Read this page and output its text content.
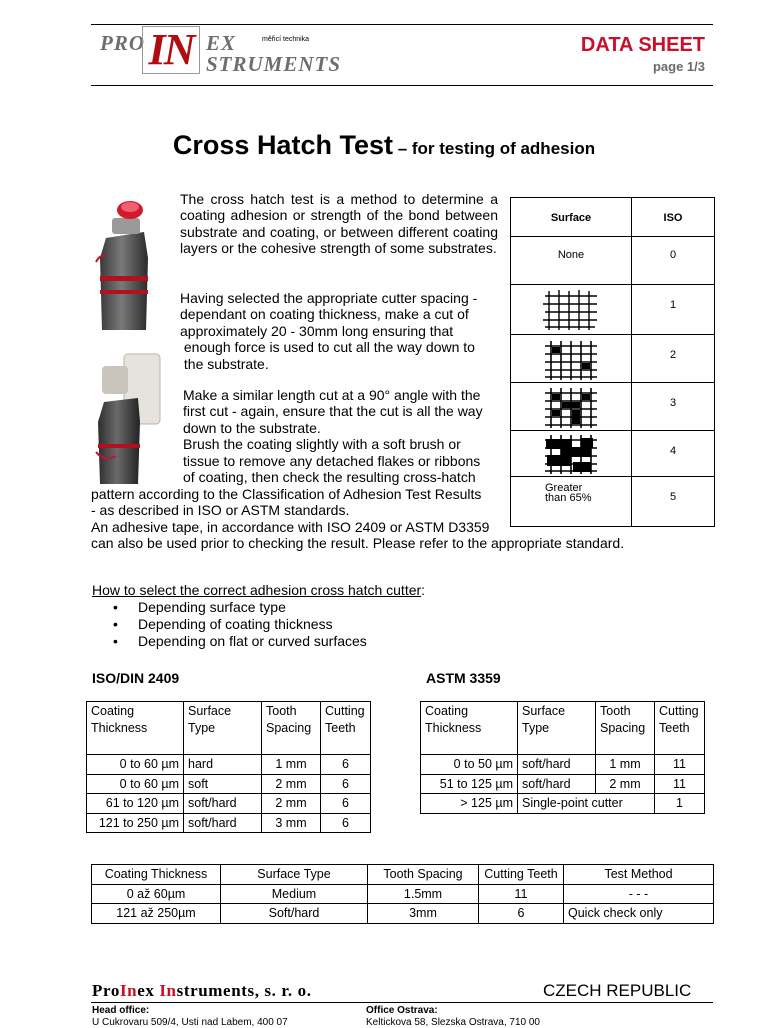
PRO IN EX	měřicí technika
STRUMENTS
DATA SHEET
page 1/3
Cross Hatch Test – for testing of adhesion
The cross hatch test is a method to determine a coating adhesion or strength of the bond between substrate and coating, or between different coating layers or the cohesive strength of some substrates.
Having selected the appropriate cutter spacing -
dependant on coating thickness, make a cut of
approximately 20 - 30mm long ensuring that
enough force is used to cut all the way down to
the substrate.
Make a similar length cut at a 90° angle with the
first cut - again, ensure that the cut is all the way
down to the substrate.
Brush the coating slightly with a soft brush or
tissue to remove any detached flakes or ribbons
of coating, then check the resulting cross-hatch
pattern according to the Classification of Adhesion Test Results
- as described in ISO or ASTM standards.
An adhesive tape, in accordance with ISO 2409 or ASTM D3359
can also be used prior to checking the result. Please refer to the appropriate standard.
Surface	ISO
None	0
1
2
3
4
Greater than 65%	5
How to select the correct adhesion cross hatch cutter:
• Depending surface type
• Depending of coating thickness
• Depending on flat or curved surfaces
ISO/DIN 2409
Coating Thickness	Surface Type	Tooth Spacing	Cutting Teeth
0 to 60 µm	hard	1 mm	6
0 to 60 µm	soft	2 mm	6
61 to 120 µm	soft/hard	2 mm	6
121 to 250 µm	soft/hard	3 mm	6
ASTM 3359
Coating Thickness	Surface Type	Tooth Spacing	Cutting Teeth
0 to 50 µm	soft/hard	1 mm	11
51 to 125 µm	soft/hard	2 mm	11
> 125 µm	Single-point cutter		1
Coating Thickness	Surface Type	Tooth Spacing	Cutting Teeth	Test Method
0 až 60µm	Medium	1.5mm	11	- - -
121 až 250µm	Soft/hard	3mm	6	Quick check only
ProInex Instruments, s. r. o.	CZECH REPUBLIC
Head office:
U Cukrovaru 509/4, Usti nad Labem, 400 07
Office Ostrava:
Keltickova 58, Slezska Ostrava, 710 00
